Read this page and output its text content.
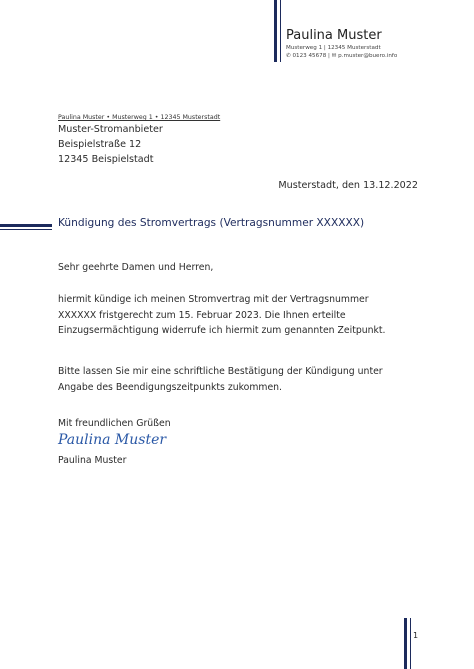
Paulina Muster
Musterweg 1 | 12345 Musterstadt
✆ 0123 45678 | ✉ p.muster@buero.info
Paulina Muster • Musterweg 1 • 12345 Musterstadt
Muster-Stromanbieter
Beispielstraße 12
12345 Beispielstadt
Musterstadt, den 13.12.2022
Kündigung des Stromvertrags (Vertragsnummer XXXXXX)
Sehr geehrte Damen und Herren,
hiermit kündige ich meinen Stromvertrag mit der Vertragsnummer
XXXXXX fristgerecht zum 15. Februar 2023. Die Ihnen erteilte
Einzugsermächtigung widerrufe ich hiermit zum genannten Zeitpunkt.
Bitte lassen Sie mir eine schriftliche Bestätigung der Kündigung unter
Angabe des Beendigungszeitpunkts zukommen.
Mit freundlichen Grüßen
Paulina Muster
Paulina Muster
1
